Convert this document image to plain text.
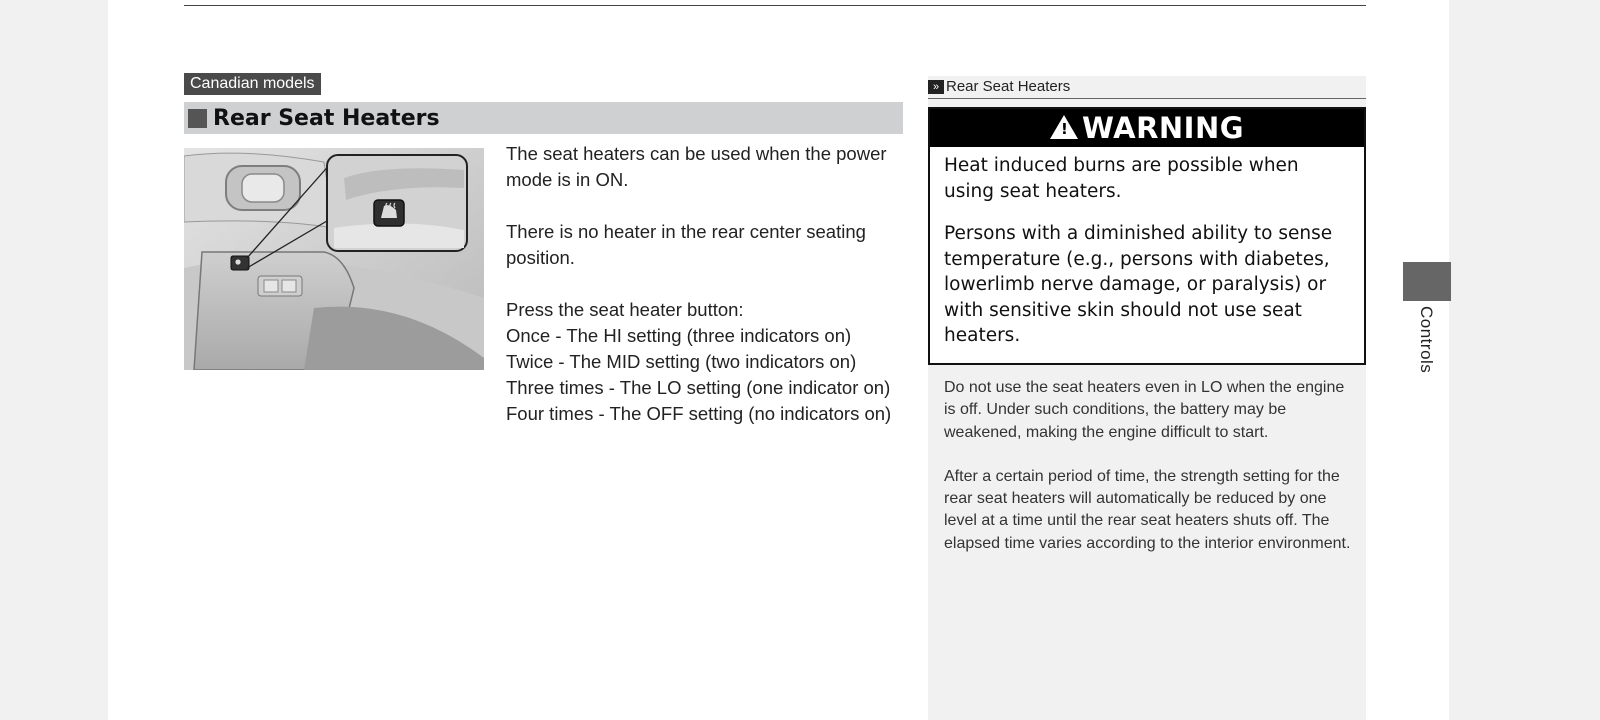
Canadian models
Rear Seat Heaters

The seat heaters can be used when the power mode is in ON.

There is no heater in the rear center seating position.

Press the seat heater button:
Once - The HI setting (three indicators on)
Twice - The MID setting (two indicators on)
Three times - The LO setting (one indicator on)
Four times - The OFF setting (no indicators on)
» Rear Seat Heaters
! WARNING

Heat induced burns are possible when using seat heaters.

Persons with a diminished ability to sense temperature (e.g., persons with diabetes, lowerlimb nerve damage, or paralysis) or with sensitive skin should not use seat heaters.

Do not use the seat heaters even in LO when the engine is off. Under such conditions, the battery may be weakened, making the engine difficult to start.

After a certain period of time, the strength setting for the rear seat heaters will automatically be reduced by one level at a time until the rear seat heaters shuts off. The elapsed time varies according to the interior environment.

Controls
